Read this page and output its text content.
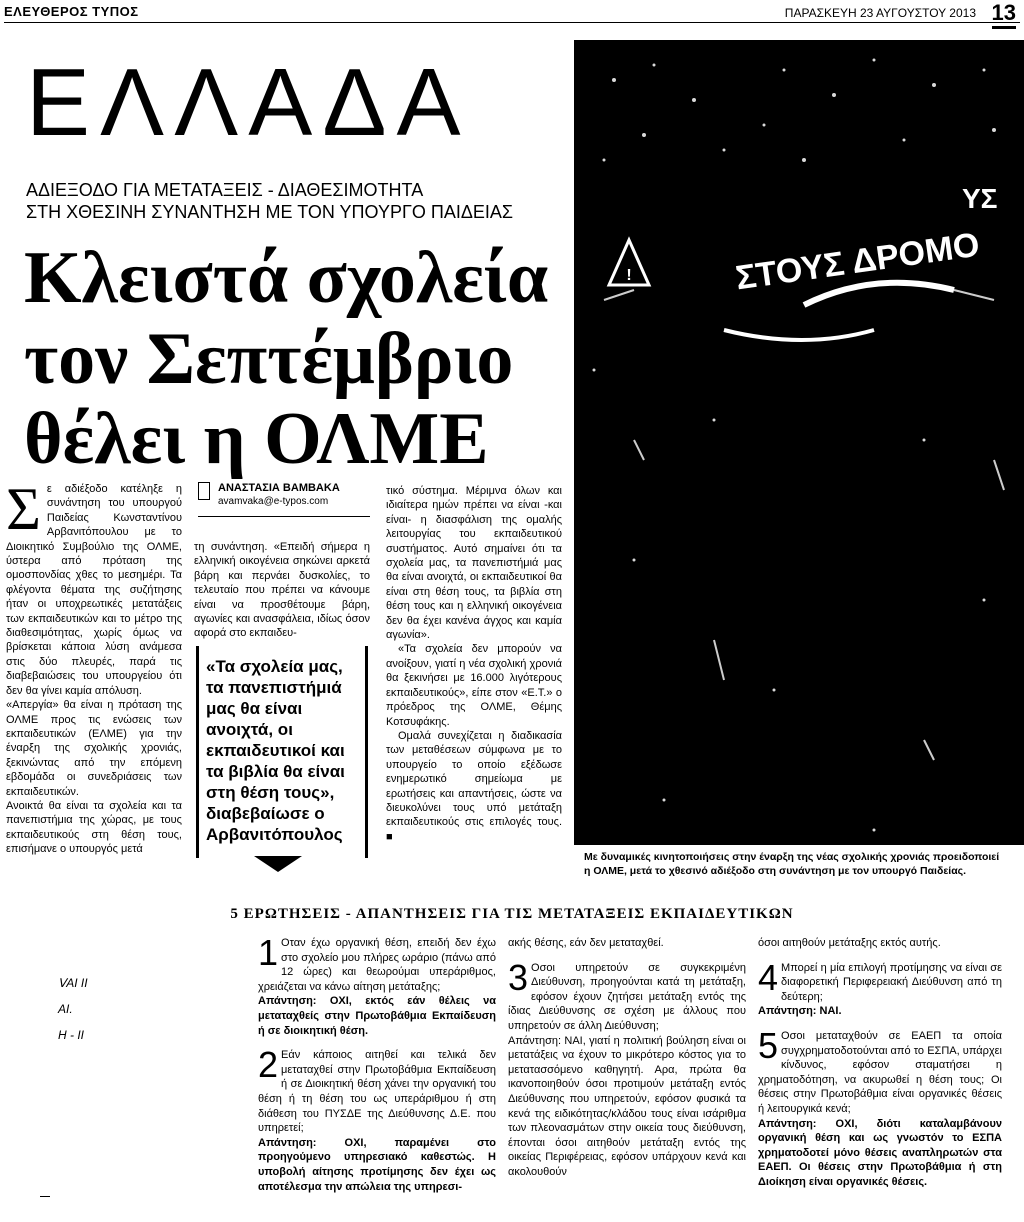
ΕΛΕΥΘΕΡΟΣ ΤΥΠΟΣ	ΠΑΡΑΣΚΕΥΗ 23 ΑΥΓΟΥΣΤΟΥ 2013 13
ΕΛΛΑΔΑ
ΑΔΙΕΞΟΔΟ ΓΙΑ ΜΕΤΑΤΑΞΕΙΣ - ΔΙΑΘΕΣΙΜΟΤΗΤΑ
ΣΤΗ ΧΘΕΣΙΝΗ ΣΥΝΑΝΤΗΣΗ ΜΕ ΤΟΝ ΥΠΟΥΡΓΟ ΠΑΙΔΕΙΑΣ
Κλειστά σχολεία
τον Σεπτέμβριο
θέλει η ΟΛΜΕ

Σε αδιέξοδο κατέληξε η συνάντηση του υπουργού Παιδείας Κωνσταντίνου Αρβανιτόπουλου με το Διοικητικό Συμβούλιο της ΟΛΜΕ, ύστερα από πρόταση της ομοσπονδίας χθες το μεσημέρι. Τα φλέγοντα θέματα της συζήτησης ήταν οι υποχρεωτικές μετατάξεις των εκπαιδευτικών και το μέτρο της διαθεσιμότητας, χωρίς όμως να βρίσκεται κάποια λύση ανάμεσα στις δύο πλευρές, παρά τις διαβεβαιώσεις του υπουργείου ότι δεν θα γίνει καμία απόλυση.

«Απεργία» θα είναι η πρόταση της ΟΛΜΕ προς τις ενώσεις των εκπαιδευτικών (ΕΛΜΕ) για την έναρξη της σχολικής χρονιάς, ξεκινώντας από την επόμενη εβδομάδα οι συνεδριάσεις των εκπαιδευτικών.

Ανοικτά θα είναι τα σχολεία και τα πανεπιστήμια της χώρας, με τους εκπαιδευτικούς στη θέση τους, επισήμανε ο υπουργός μετά

ΑΝΑΣΤΑΣΙΑ ΒΑΜΒΑΚΑ
avamvaka@e-typos.com

τη συνάντηση. «Επειδή σήμερα η ελληνική οικογένεια σηκώνει αρκετά βάρη και περνάει δυσκολίες, το τελευταίο που πρέπει να κάνουμε είναι να προσθέτουμε βάρη, αγωνίες και ανασφάλεια, ιδίως όσον αφορά στο εκπαιδευ-

«Τα σχολεία μας, τα πανεπιστήμιά μας θα είναι ανοιχτά, οι εκπαιδευτικοί και τα βιβλία θα είναι στη θέση τους», διαβεβαίωσε ο Αρβανιτόπουλος

τικό σύστημα. Μέριμνα όλων και ιδιαίτερα ημών πρέπει να είναι -και είναι- η διασφάλιση της ομαλής λειτουργίας του εκπαιδευτικού συστήματος. Αυτό σημαίνει ότι τα σχολεία μας, τα πανεπιστήμιά μας θα είναι ανοιχτά, οι εκπαιδευτικοί θα είναι στη θέση τους, τα βιβλία στη θέση τους και η ελληνική οικογένεια δεν θα έχει κανένα άγχος και καμία αγωνία».

«Τα σχολεία δεν μπορούν να ανοίξουν, γιατί η νέα σχολική χρονιά θα ξεκινήσει με 16.000 λιγότερους εκπαιδευτικούς», είπε στον «Ε.Τ.» ο πρόεδρος της ΟΛΜΕ, Θέμης Κοτσυφάκης.

Ομαλά συνεχίζεται η διαδικασία των μεταθέσεων σύμφωνα με το υπουργείο το οποίο εξέδωσε ενημερωτικό σημείωμα με ερωτήσεις και απαντήσεις, ώστε να διευκολύνει τους υπό μετάταξη εκπαιδευτικούς στις επιλογές τους. ■

!	ΣΤΟΥΣ ΔΡΟΜΟ
ΥΣ
Με δυναμικές κινητοποιήσεις στην έναρξη της νέας σχολικής χρονιάς προειδοποιεί η ΟΛΜΕ, μετά το χθεσινό αδιέξοδο στη συνάντηση με τον υπουργό Παιδείας.
5 ΕΡΩΤΗΣΕΙΣ - ΑΠΑΝΤΗΣΕΙΣ ΓΙΑ ΤΙΣ ΜΕΤΑΤΑΞΕΙΣ ΕΚΠΑΙΔΕΥΤΙΚΩΝ
ᐯΑΙ ΙΙ
ΑΙ.
Η - ΙΙ
1 Οταν έχω οργανική θέση, επειδή δεν έχω στο σχολείο μου πλήρες ωράριο (πάνω από 12 ώρες) και θεωρούμαι υπεράριθμος, χρειάζεται να κάνω αίτηση μετάταξης;
Απάντηση: ΟΧΙ, εκτός εάν θέλεις να μεταταχθείς στην Πρωτοβάθμια Εκπαίδευση ή σε διοικητική θέση.
2 Εάν κάποιος αιτηθεί και τελικά δεν μεταταχθεί στην Πρωτοβάθμια Εκπαίδευση ή σε Διοικητική θέση χάνει την οργανική του θέση ή τη θέση του ως υπεράριθμου ή στη διάθεση του ΠΥΣΔΕ της Διεύθυνσης Δ.Ε. που υπηρετεί;
Απάντηση: ΟΧΙ, παραμένει στο προηγούμενο υπηρεσιακό καθεστώς. Η υποβολή αίτησης προτίμησης δεν έχει ως αποτέλεσμα την απώλεια της υπηρεσι-
ακής θέσης, εάν δεν μεταταχθεί.
3 Οσοι υπηρετούν σε συγκεκριμένη Διεύθυνση, προηγούνται κατά τη μετάταξη, εφόσον έχουν ζητήσει μετάταξη εντός της ίδιας Διεύθυνσης σε σχέση με άλλους που υπηρετούν σε άλλη Διεύθυνση;
Απάντηση: ΝΑΙ, γιατί η πολιτική βούληση είναι οι μετατάξεις να έχουν το μικρότερο κόστος για το μετατασσόμενο καθηγητή. Αρα, πρώτα θα ικανοποιηθούν όσοι προτιμούν μετάταξη εντός Διεύθυνσης που υπηρετούν, εφόσον φυσικά τα κενά της ειδικότητας/κλάδου τους είναι ισάριθμα των πλεονασμάτων στην οικεία τους διεύθυνση, έπονται όσοι αιτηθούν μετάταξη εντός της οικείας Περιφέρειας, εφόσον υπάρχουν κενά και ακολουθούν
όσοι αιτηθούν μετάταξης εκτός αυτής.
4 Μπορεί η μία επιλογή προτίμησης να είναι σε διαφορετική Περιφερειακή Διεύθυνση από τη δεύτερη;
Απάντηση: ΝΑΙ.
5 Οσοι μεταταχθούν σε ΕΑΕΠ τα οποία συγχρηματοδοτούνται από το ΕΣΠΑ, υπάρχει κίνδυνος, εφόσον σταματήσει η χρηματοδότηση, να ακυρωθεί η θέση τους; Οι θέσεις στην Πρωτοβάθμια είναι οργανικές θέσεις ή λειτουργικά κενά;
Απάντηση: ΟΧΙ, διότι καταλαμβάνουν οργανική θέση και ως γνωστόν το ΕΣΠΑ χρηματοδοτεί μόνο θέσεις αναπληρωτών στα ΕΑΕΠ. Οι θέσεις στην Πρωτοβάθμια ή στη Διοίκηση είναι οργανικές θέσεις.
